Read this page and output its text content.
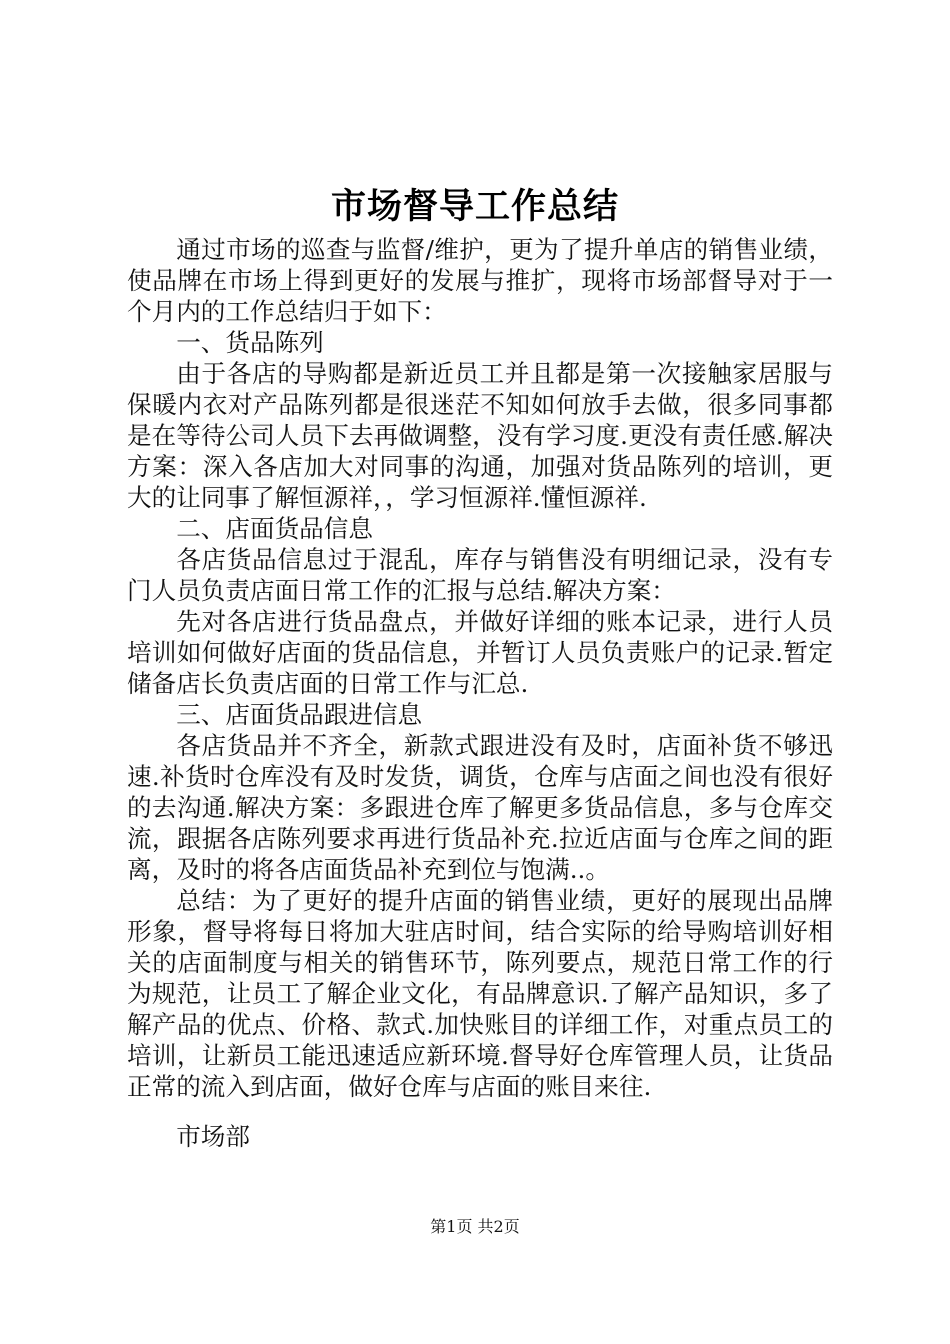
市场督导工作总结

通过市场的巡查与监督/维护，更为了提升单店的销售业绩，使品牌在市场上得到更好的发展与推扩，现将市场部督导对于一个月内的工作总结归于如下：

一、货品陈列

由于各店的导购都是新近员工并且都是第一次接触家居服与保暖内衣对产品陈列都是很迷茫不知如何放手去做，很多同事都是在等待公司人员下去再做调整，没有学习度.更没有责任感.解决方案：深入各店加大对同事的沟通，加强对货品陈列的培训，更大的让同事了解恒源祥，，学习恒源祥.懂恒源祥.

二、店面货品信息

各店货品信息过于混乱，库存与销售没有明细记录，没有专门人员负责店面日常工作的汇报与总结.解决方案：

先对各店进行货品盘点，并做好详细的账本记录，进行人员培训如何做好店面的货品信息，并暂订人员负责账户的记录.暂定储备店长负责店面的日常工作与汇总.

三、店面货品跟进信息

各店货品并不齐全，新款式跟进没有及时，店面补货不够迅速.补货时仓库没有及时发货，调货，仓库与店面之间也没有很好的去沟通.解决方案：多跟进仓库了解更多货品信息，多与仓库交流，跟据各店陈列要求再进行货品补充.拉近店面与仓库之间的距离，及时的将各店面货品补充到位与饱满..。

总结：为了更好的提升店面的销售业绩，更好的展现出品牌形象，督导将每日将加大驻店时间，结合实际的给导购培训好相关的店面制度与相关的销售环节，陈列要点，规范日常工作的行为规范，让员工了解企业文化，有品牌意识.了解产品知识，多了解产品的优点、价格、款式.加快账目的详细工作，对重点员工的培训，让新员工能迅速适应新环境.督导好仓库管理人员，让货品正常的流入到店面，做好仓库与店面的账目来往.

市场部
第1页 共2页
